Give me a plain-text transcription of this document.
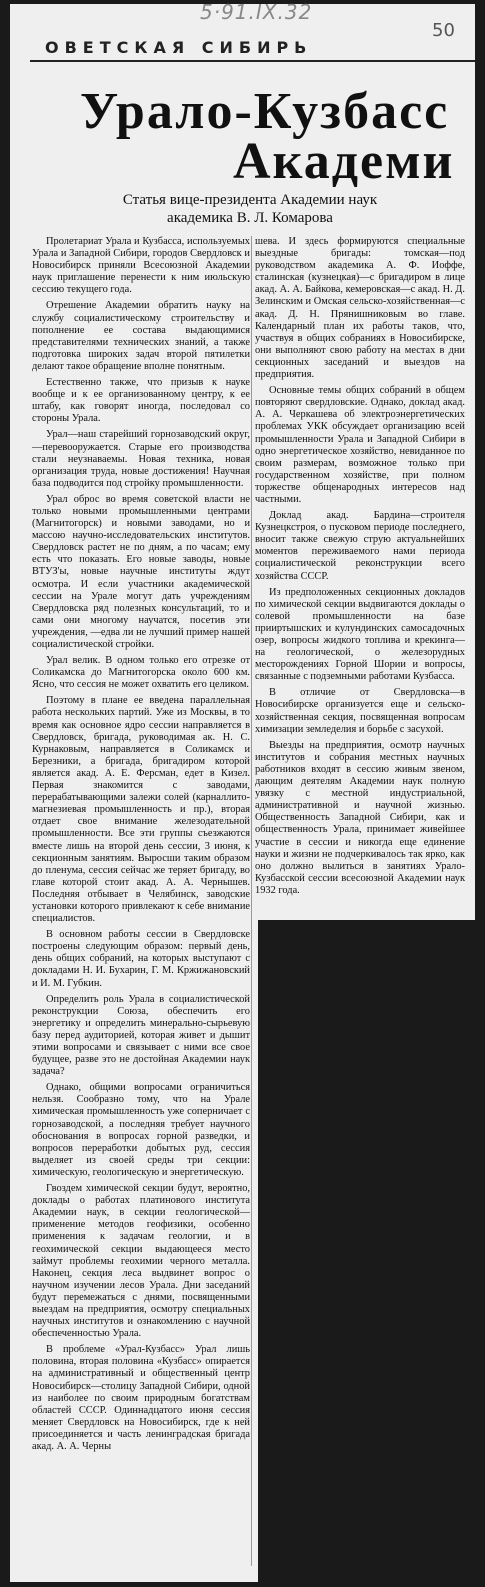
5·91.IX.32
50
ОВЕТСКАЯ СИБИРЬ
Урало-Кузбасс
Академи
Статья вице-президента Академии наук
академика В. Л. Комарова

Пролетариат Урала и Кузбасса, используемых Урала и Западной Сибири, городов Свердловск и Новосибирск приняли Всесоюзной Академии наук приглашение перенести к ним июльскую сессию текущего года.

Отрешение Академии обратить науку на службу социалистическому строительству и пополнение ее состава выдающимися представителями технических знаний, а также подготовка широких задач второй пятилетки делают такое обращение вполне понятным.

Естественно также, что призыв к науке вообще и к ее организованному центру, к ее штабу, как говорят иногда, последовал со стороны Урала.

Урал—наш старейший горнозаводский округ,—перевооружается. Старые его производства стали неузнаваемы. Новая техника, новая организация труда, новые достижения! Научная база подводится под стройку промышленности.

Урал оброс во время советской власти не только новыми промышленными центрами (Магнитогорск) и новыми заводами, но и массою научно-исследовательских институтов. Свердловск растет не по дням, а по часам; ему есть что показать. Его новые заводы, новые ВТУЗ'ы, новые научные институты ждут осмотра. И если участники академической сессии на Урале могут дать учреждениям Свердловска ряд полезных консультаций, то и сами они многому научатся, посетив эти учреждения, —едва ли не лучший пример нашей социалистической стройки.

Урал велик. В одном только его отрезке от Соликамска до Магнитогорска около 600 км. Ясно, что сессия не может охватить его целиком.

Поэтому в плане ее введена параллельная работа нескольких партий. Уже из Москвы, в то время как основное ядро сессии направляется в Свердловск, бригада, руководимая ак. Н. С. Курнаковым, направляется в Соликамск и Березники, а бригада, бригадиром которой является акад. А. Е. Ферсман, едет в Кизел. Первая знакомится с заводами, перерабатывающими залежи солей (карналлито-магнезиевая промышленность и пр.), вторая отдает свое внимание железодательной промышленности. Все эти группы съезжаются вместе лишь на второй день сессии, 3 июня, к секционным занятиям. Выросши таким образом до пленума, сессия сейчас же теряет бригаду, во главе которой стоит акад. А. А. Чернышев. Последняя отбывает в Челябинск, заводские установки которого привлекают к себе внимание специалистов.

В основном работы сессии в Свердловске построены следующим образом: первый день, день общих собраний, на которых выступают с докладами Н. И. Бухарин, Г. М. Кржижановский и И. М. Губкин.

Определить роль Урала в социалистической реконструкции Союза, обеспечить его энергетику и определить минерально-сырьевую базу перед аудиторией, которая живет и дышит этими вопросами и связывает с ними все свое будущее, разве это не достойная Академии наук задача?

Однако, общими вопросами ограничиться нельзя. Сообразно тому, что на Урале химическая промышленность уже соперничает с горнозаводской, а последняя требует научного обоснования в вопросах горной разведки, и вопросов переработки добытых руд, сессия выделяет из своей среды три секции: химическую, геологическую и энергетическую.

Гвоздем химической секции будут, вероятно, доклады о работах платинового института Академии наук, в секции геологической—применение методов геофизики, особенно применения к задачам геологии, и в геохимической секции выдающееся место займут проблемы геохимии черного металла. Наконец, секция леса выдвинет вопрос о научном изучении лесов Урала. Дни заседаний будут перемежаться с днями, посвященными выездам на предприятия, осмотру специальных научных институтов и ознакомлению с научной обеспеченностью Урала.

В проблеме «Урал-Кузбасс» Урал лишь половина, вторая половина «Кузбасс» опирается на административный и общественный центр Новосибирск—столицу Западной Сибири, одной из наиболее по своим природным богатствам областей СССР. Одиннадцатого июня сессия меняет Свердловск на Новосибирск, где к ней присоединяется и часть ленинградская бригада акад. А. А. Черны

шева. И здесь формируются специальные выездные бригады: томская—под руководством академика А. Ф. Иоффе, сталинская (кузнецкая)—с бригадиром в лице акад. А. А. Байкова, кемеровская—с акад. Н. Д. Зелинским и Омская сельско-хозяйственная—с акад. Д. Н. Прянишниковым во главе. Календарный план их работы таков, что, участвуя в общих собраниях в Новосибирске, они выполняют свою работу на местах в дни секционных заседаний и выездов на предприятия.

Основные темы общих собраний в общем повторяют свердловские. Однако, доклад акад. А. А. Черкашева об электроэнергетических проблемах УКК обсуждает организацию всей промышленности Урала и Западной Сибири в одно энергетическое хозяйство, невиданное по своим размерам, возможное только при государственном хозяйстве, при полном торжестве общенародных интересов над частными.

Доклад акад. Бардина—строителя Кузнецкстроя, о пусковом периоде последнего, вносит также свежую струю актуальнейших моментов переживаемого нами периода социалистической реконструкции всего хозяйства СССР.

Из предположенных секционных докладов по химической секции выдвигаются доклады о солевой промышленности на базе прииртышских и кулундинских самосадочных озер, вопросы жидкого топлива и крекинга—на геологической, о железорудных месторождениях Горной Шории и вопросы, связанные с подземными работами Кузбасса.

В отличие от Свердловска—в Новосибирске организуется еще и сельско-хозяйственная секция, посвященная вопросам химизации земледелия и борьбе с засухой.

Выезды на предприятия, осмотр научных институтов и собрания местных научных работников входят в сессию живым звеном, дающим деятелям Академии наук полную увязку с местной индустриальной, административной и научной жизнью. Общественность Западной Сибири, как и общественность Урала, принимает живейшее участие в сессии и никогда еще единение науки и жизни не подчеркивалось так ярко, как оно должно вылиться в занятиях Урало-Кузбасской сессии всесоюзной Академии наук 1932 года.
